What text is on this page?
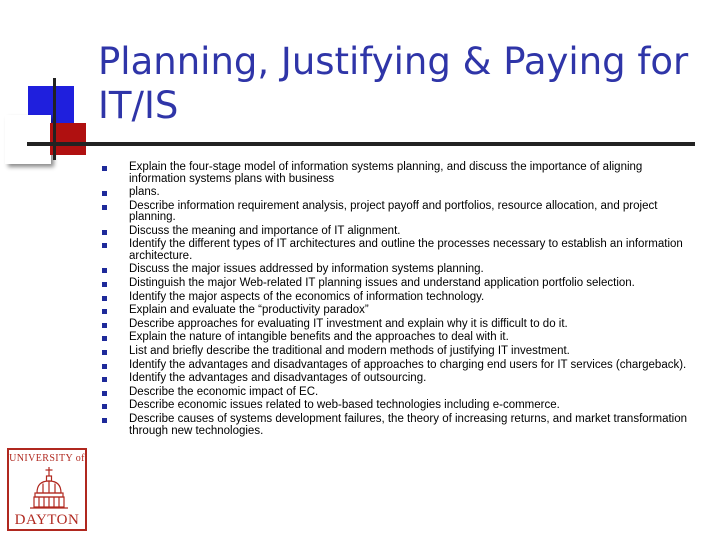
Planning, Justifying & Paying for IT/IS
Explain the four-stage model of information systems planning, and discuss the importance of aligning information systems plans with business
plans.
Describe information requirement analysis, project payoff and portfolios, resource allocation, and project planning.
Discuss the meaning and importance of IT alignment.
Identify the different types of IT architectures and outline the processes necessary to establish an information architecture.
Discuss the major issues addressed by information systems planning.
Distinguish the major Web-related IT planning issues and understand application portfolio selection.
Identify the major aspects of the economics of information technology.
Explain and evaluate the “productivity paradox”
Describe approaches for evaluating IT investment and explain why it is difficult to do it.
Explain the nature of intangible benefits and the approaches to deal with it.
List and briefly describe the traditional and modern methods of justifying IT investment.
Identify the advantages and disadvantages of approaches to charging end users for IT services (chargeback).
Identify the advantages and disadvantages of outsourcing.
Describe the economic impact of EC.
Describe economic issues related to web-based technologies including e-commerce.
Describe causes of systems development failures, the theory of increasing returns, and market transformation through new technologies.
UNIVERSITY of
DAYTON
